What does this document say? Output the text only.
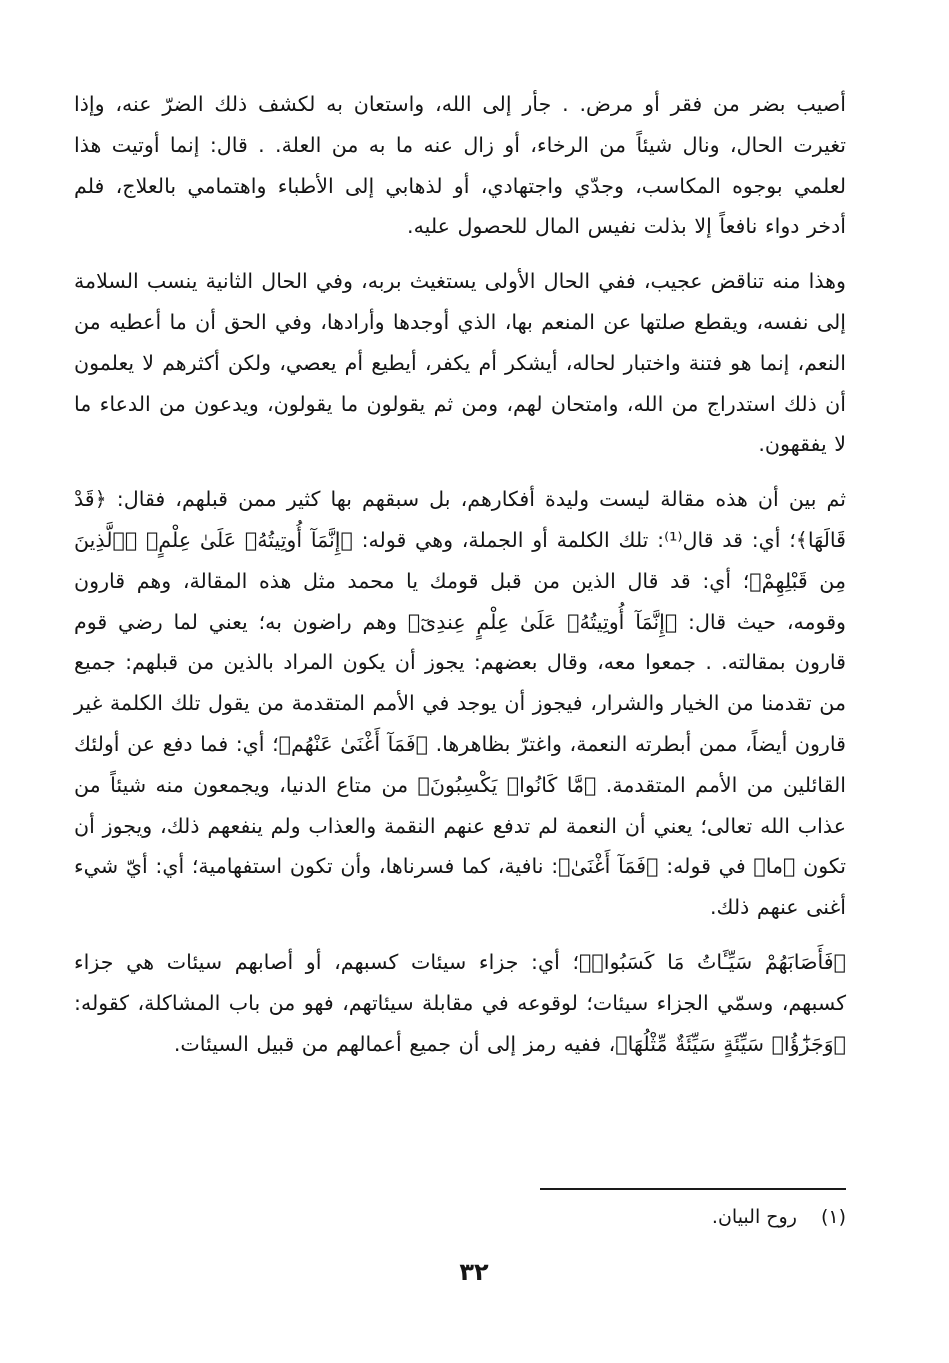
أصيب بضر من فقر أو مرض. . جأر إلى الله، واستعان به لكشف ذلك الضرّ عنه، وإذا تغيرت الحال، ونال شيئاً من الرخاء، أو زال عنه ما به من العلة. . قال: إنما أوتيت هذا لعلمي بوجوه المكاسب، وجدّي واجتهادي، أو لذهابي إلى الأطباء واهتمامي بالعلاج، فلم أدخر دواء نافعاً إلا بذلت نفيس المال للحصول عليه.

وهذا منه تناقض عجيب، ففي الحال الأولى يستغيث بربه، وفي الحال الثانية ينسب السلامة إلى نفسه، ويقطع صلتها عن المنعم بها، الذي أوجدها وأرادها، وفي الحق أن ما أعطيه من النعم، إنما هو فتنة واختبار لحاله، أيشكر أم يكفر، أيطيع أم يعصي، ولكن أكثرهم لا يعلمون أن ذلك استدراج من الله، وامتحان لهم، ومن ثم يقولون ما يقولون، ويدعون من الدعاء ما لا يفقهون.

ثم بين أن هذه مقالة ليست وليدة أفكارهم، بل سبقهم بها كثير ممن قبلهم، فقال: ﴿قَدْ قَالَهَا﴾؛ أي: قد قال⁽¹⁾: تلك الكلمة أو الجملة، وهي قوله: ﴿إِنَّمَآ أُوتِيتُهُۥ عَلَىٰ عِلْمٍ﴾ ﴿ٱلَّذِينَ مِن قَبْلِهِمْ﴾؛ أي: قد قال الذين من قبل قومك يا محمد مثل هذه المقالة، وهم قارون وقومه، حيث قال: ﴿إِنَّمَآ أُوتِيتُهُۥ عَلَىٰ عِلْمٍ عِندِىٓ﴾ وهم راضون به؛ يعني لما رضي قوم قارون بمقالته. . جمعوا معه، وقال بعضهم: يجوز أن يكون المراد بالذين من قبلهم: جميع من تقدمنا من الخيار والشرار، فيجوز أن يوجد في الأمم المتقدمة من يقول تلك الكلمة غير قارون أيضاً، ممن أبطرته النعمة، واغترّ بظاهرها. ﴿فَمَآ أَغْنَىٰ عَنْهُم﴾؛ أي: فما دفع عن أولئك القائلين من الأمم المتقدمة. ﴿مَّا كَانُوا۟ يَكْسِبُونَ﴾ من متاع الدنيا، ويجمعون منه شيئاً من عذاب الله تعالى؛ يعني أن النعمة لم تدفع عنهم النقمة والعذاب ولم ينفعهم ذلك، ويجوز أن تكون ﴿ما﴾ في قوله: ﴿فَمَآ أَغْنَىٰ﴾: نافية، كما فسرناها، وأن تكون استفهامية؛ أي: أيّ شيء أغنى عنهم ذلك.

﴿فَأَصَابَهُمْ سَيِّـَٔاتُ مَا كَسَبُوا۟﴾؛ أي: جزاء سيئات كسبهم، أو أصابهم سيئات هي جزاء كسبهم، وسمّي الجزاء سيئات؛ لوقوعه في مقابلة سيئاتهم، فهو من باب المشاكلة، كقوله: ﴿وَجَزَٰٓؤُا۟ سَيِّئَةٍ سَيِّئَةٌ مِّثْلُهَا﴾، ففيه رمز إلى أن جميع أعمالهم من قبيل السيئات.

(١) روح البيان.
٣٢
